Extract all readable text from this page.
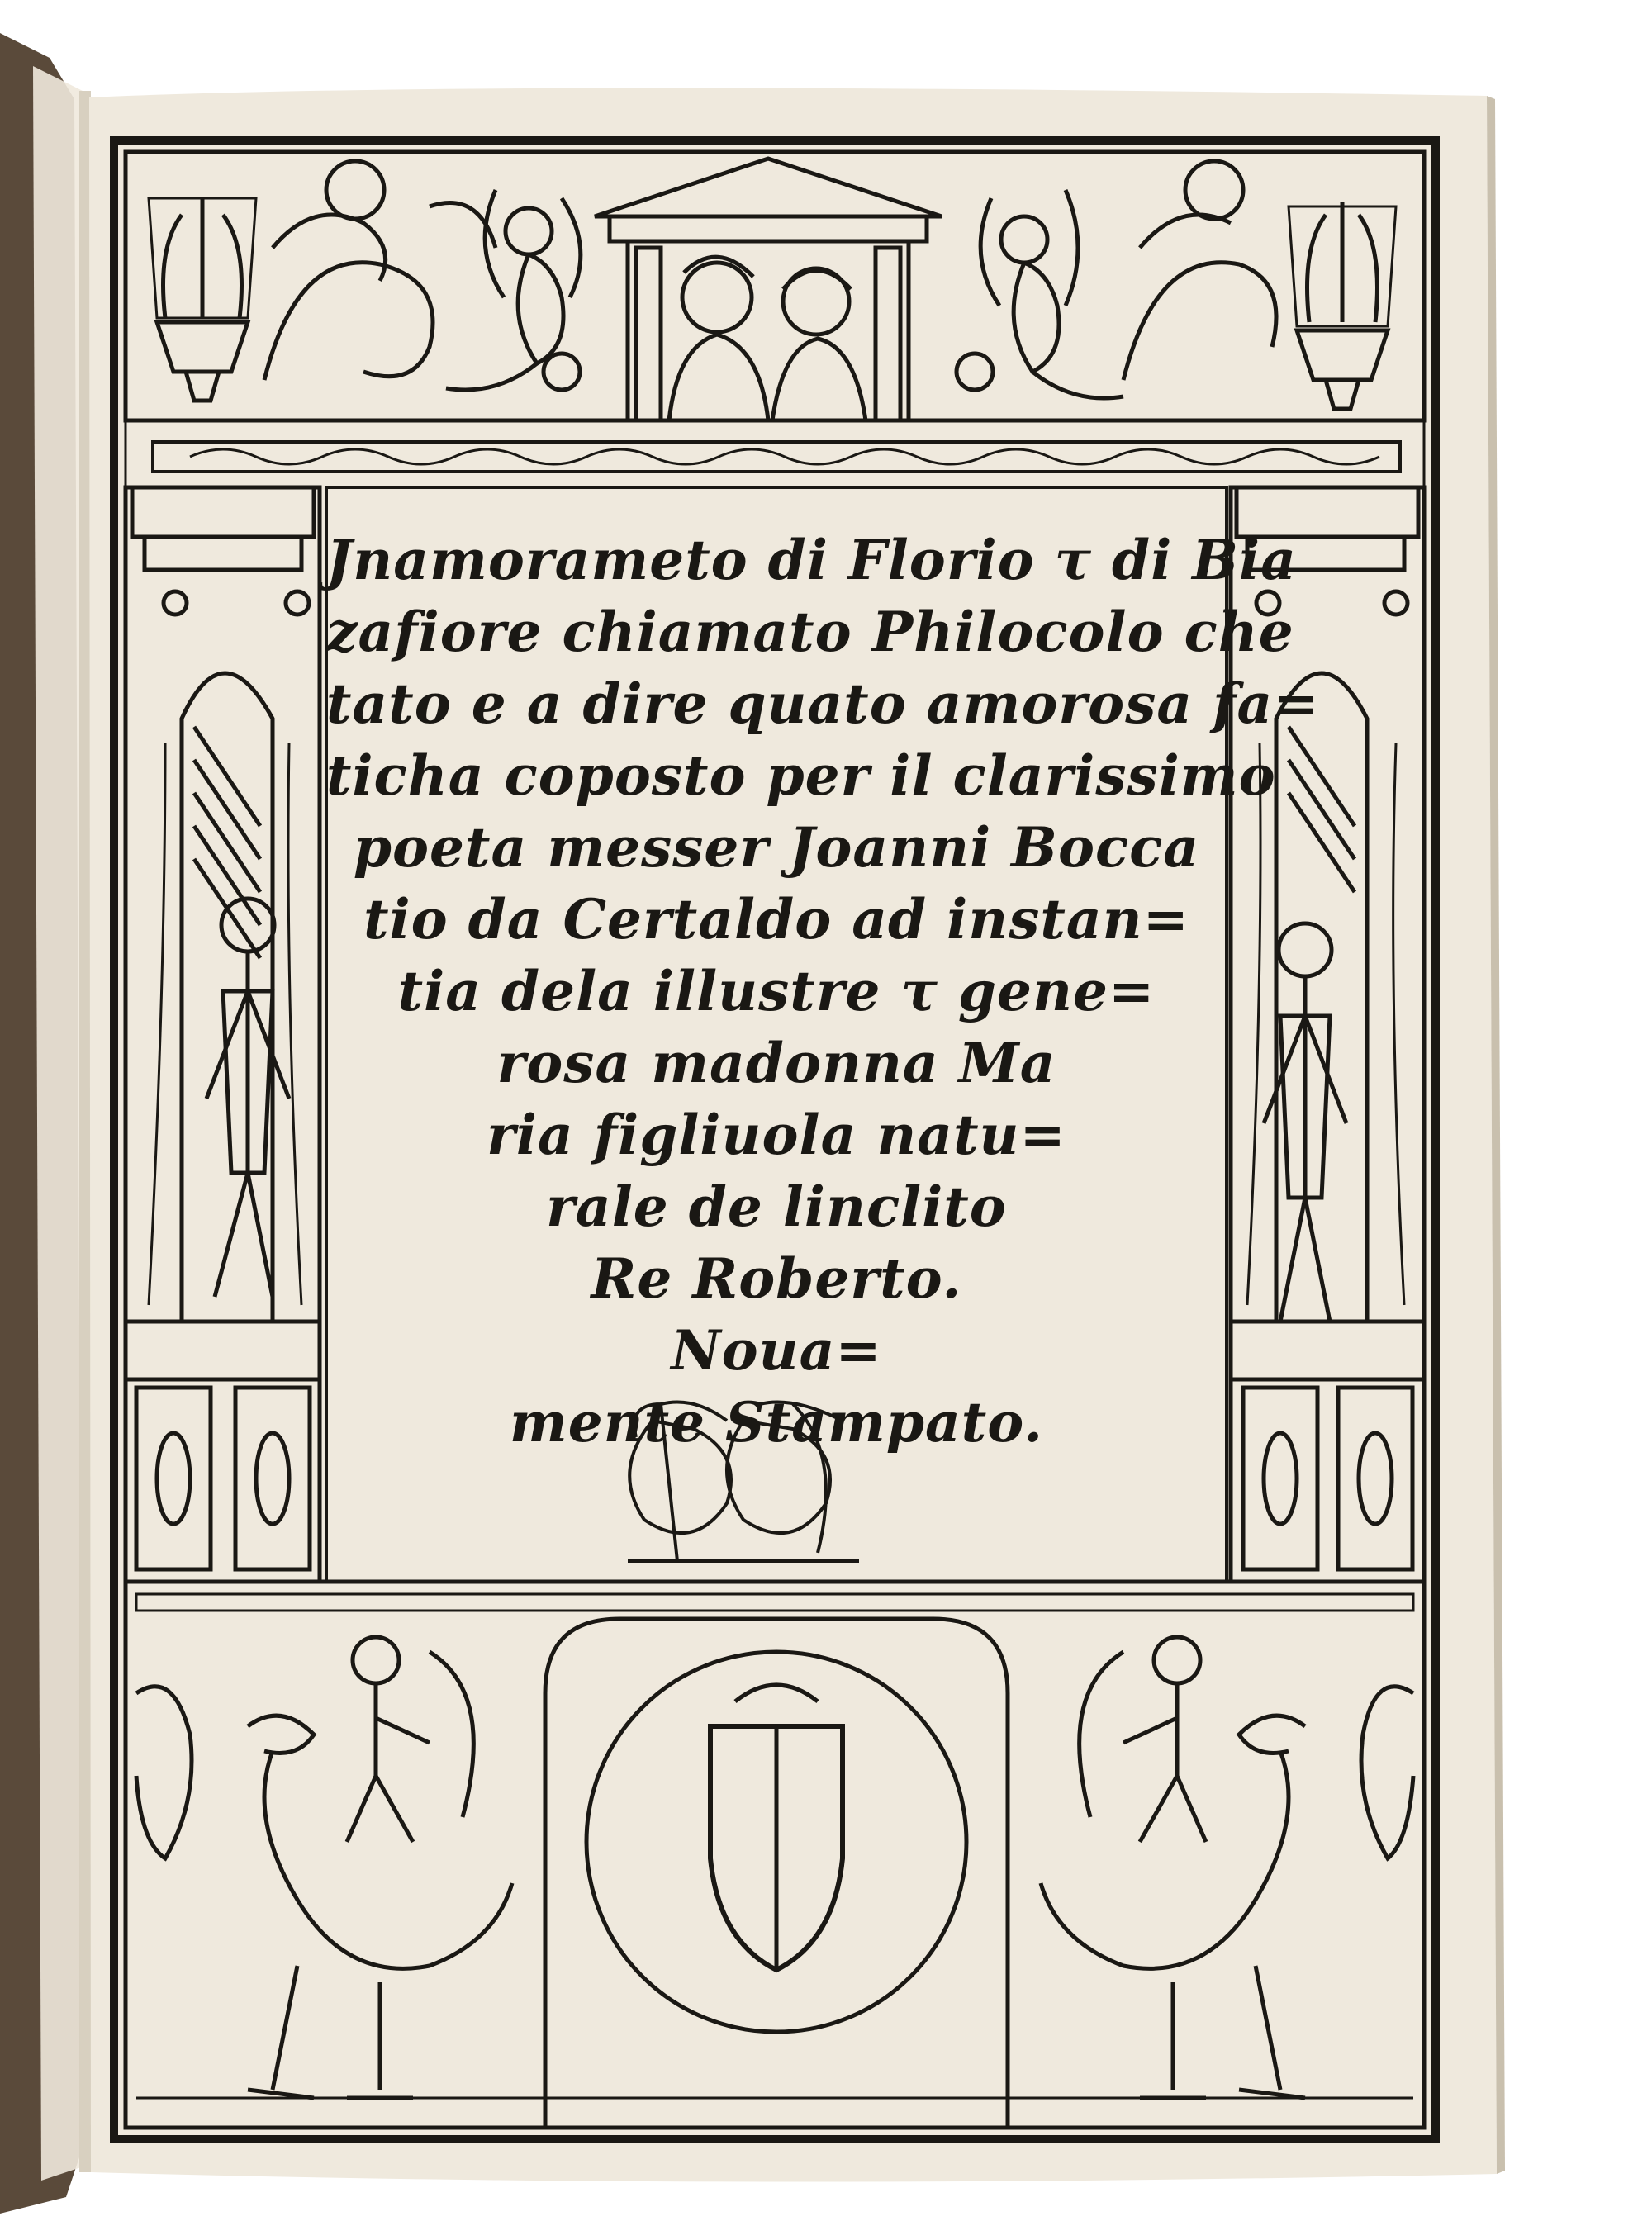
Jnamorameto di Florio τ di Bia
zafiore chiamato Philocolo che
tato e a dire quato amorosa fa=
ticha coposto per il clarissimo
poeta messer Joanni Bocca
tio da Certaldo ad instan=
tia dela illustre τ gene=
rosa madonna Ma
ria figliuola natu=
rale de linclito
Re Roberto.
Noua=
mente Stampato.
